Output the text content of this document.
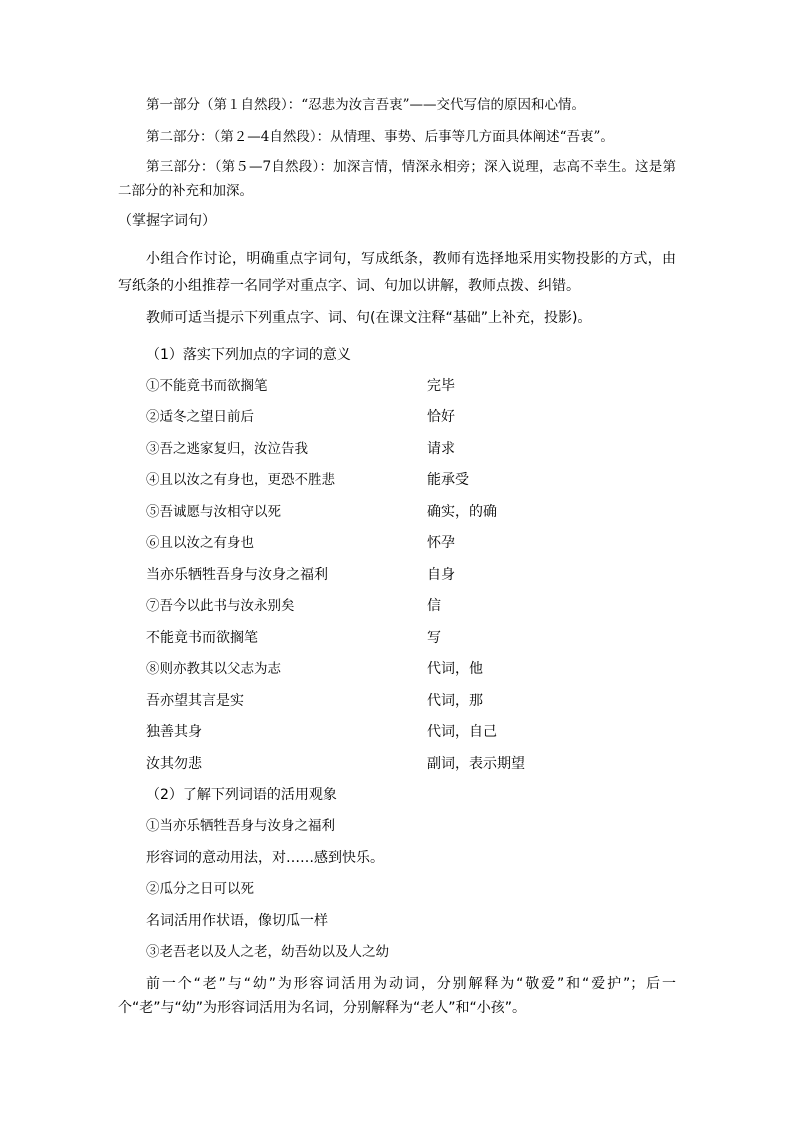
第一部分（第１自然段）：“忍悲为汝言吾衷”——交代写信的原因和心情。
第二部分：（第２—4自然段）：从情理、事势、后事等几方面具体阐述“吾衷”。
第三部分：（第５—7自然段）：加深言情，情深永相旁；深入说理，志高不幸生。这是第二部分的补充和加深。
（掌握字词句）
小组合作讨论，明确重点字词句，写成纸条，教师有选择地采用实物投影的方式，由写纸条的小组推荐一名同学对重点字、词、句加以讲解，教师点拨、纠错。
教师可适当提示下列重点字、词、句(在课文注释“基础”上补充，投影)。
（1）落实下列加点的字词的意义
①不能竟书而欲搁笔	完毕
②适冬之望日前后	恰好
③吾之逃家复归，汝泣告我	请求
④且以汝之有身也，更恐不胜悲	能承受
⑤吾诚愿与汝相守以死	确实，的确
⑥且以汝之有身也	怀孕
当亦乐牺牲吾身与汝身之福利	自身
⑦吾今以此书与汝永别矣	信
不能竟书而欲搁笔	写
⑧则亦教其以父志为志	代词，他
吾亦望其言是实	代词，那
独善其身	代词，自己
汝其勿悲	副词，表示期望
（2）了解下列词语的活用观象
①当亦乐牺牲吾身与汝身之福利
形容词的意动用法，对……感到快乐。
②瓜分之日可以死
名词活用作状语，像切瓜一样
③老吾老以及人之老，幼吾幼以及人之幼
前一个“老”与“幼”为形容词活用为动词，分别解释为“敬爱”和“爱护”；后一个“老”与“幼”为形容词活用为名词，分别解释为“老人”和“小孩”。
